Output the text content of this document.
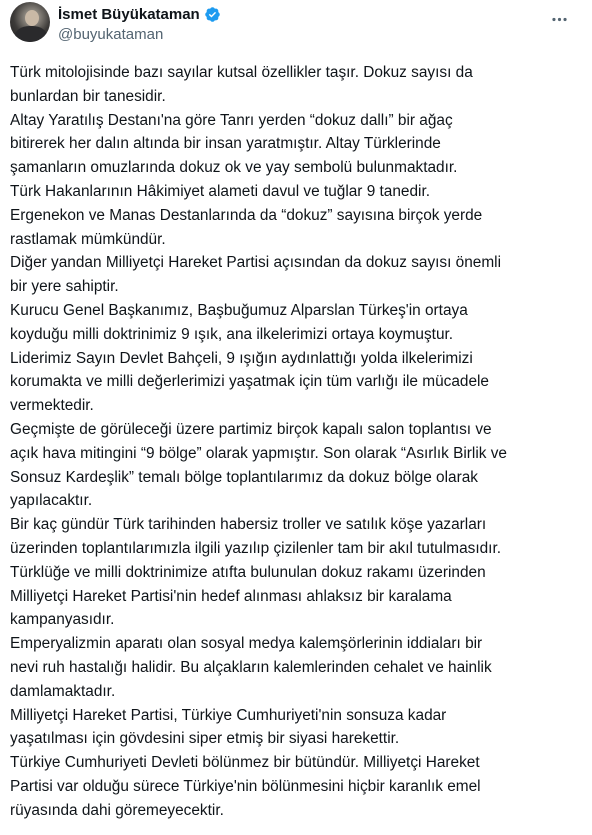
İsmet Büyükataman
@buyukataman

Türk mitolojisinde bazı sayılar kutsal özellikler taşır. Dokuz sayısı da

bunlardan bir tanesidir.

Altay Yaratılış Destanı'na göre Tanrı yerden “dokuz dallı” bir ağaç

bitirerek her dalın altında bir insan yaratmıştır. Altay Türklerinde

şamanların omuzlarında dokuz ok ve yay sembolü bulunmaktadır.

Türk Hakanlarının Hâkimiyet alameti davul ve tuğlar 9 tanedir.

Ergenekon ve Manas Destanlarında da “dokuz” sayısına birçok yerde

rastlamak mümkündür.

Diğer yandan Milliyetçi Hareket Partisi açısından da dokuz sayısı önemli

bir yere sahiptir.

Kurucu Genel Başkanımız, Başbuğumuz Alparslan Türkeş'in ortaya

koyduğu milli doktrinimiz 9 ışık, ana ilkelerimizi ortaya koymuştur.

Liderimiz Sayın Devlet Bahçeli, 9 ışığın aydınlattığı yolda ilkelerimizi

korumakta ve milli değerlerimizi yaşatmak için tüm varlığı ile mücadele

vermektedir.

Geçmişte de görüleceği üzere partimiz birçok kapalı salon toplantısı ve

açık hava mitingini “9 bölge” olarak yapmıştır. Son olarak “Asırlık Birlik ve

Sonsuz Kardeşlik” temalı bölge toplantılarımız da dokuz bölge olarak

yapılacaktır.

Bir kaç gündür Türk tarihinden habersiz troller ve satılık köşe yazarları

üzerinden toplantılarımızla ilgili yazılıp çizilenler tam bir akıl tutulmasıdır.

Türklüğe ve milli doktrinimize atıfta bulunulan dokuz rakamı üzerinden

Milliyetçi Hareket Partisi'nin hedef alınması ahlaksız bir karalama

kampanyasıdır.

Emperyalizmin aparatı olan sosyal medya kalemşörlerinin iddiaları bir

nevi ruh hastalığı halidir. Bu alçakların kalemlerinden cehalet ve hainlik

damlamaktadır.

Milliyetçi Hareket Partisi, Türkiye Cumhuriyeti'nin sonsuza kadar

yaşatılması için gövdesini siper etmiş bir siyasi harekettir.

Türkiye Cumhuriyeti Devleti bölünmez bir bütündür. Milliyetçi Hareket

Partisi var olduğu sürece Türkiye'nin bölünmesini hiçbir karanlık emel

rüyasında dahi göremeyecektir.
